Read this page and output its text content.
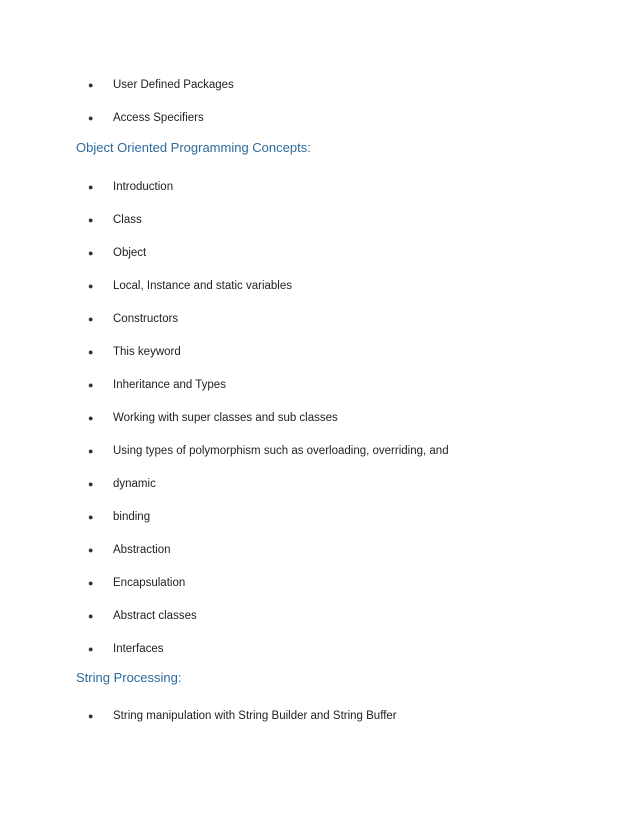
● User Defined Packages
● Access Specifiers
Object Oriented Programming Concepts:
● Introduction
● Class
● Object
● Local, Instance and static variables
● Constructors
● This keyword
● Inheritance and Types
● Working with super classes and sub classes
● Using types of polymorphism such as overloading, overriding, and
● dynamic
● binding
● Abstraction
● Encapsulation
● Abstract classes
● Interfaces
String Processing:
● String manipulation with String Builder and String Buffer
